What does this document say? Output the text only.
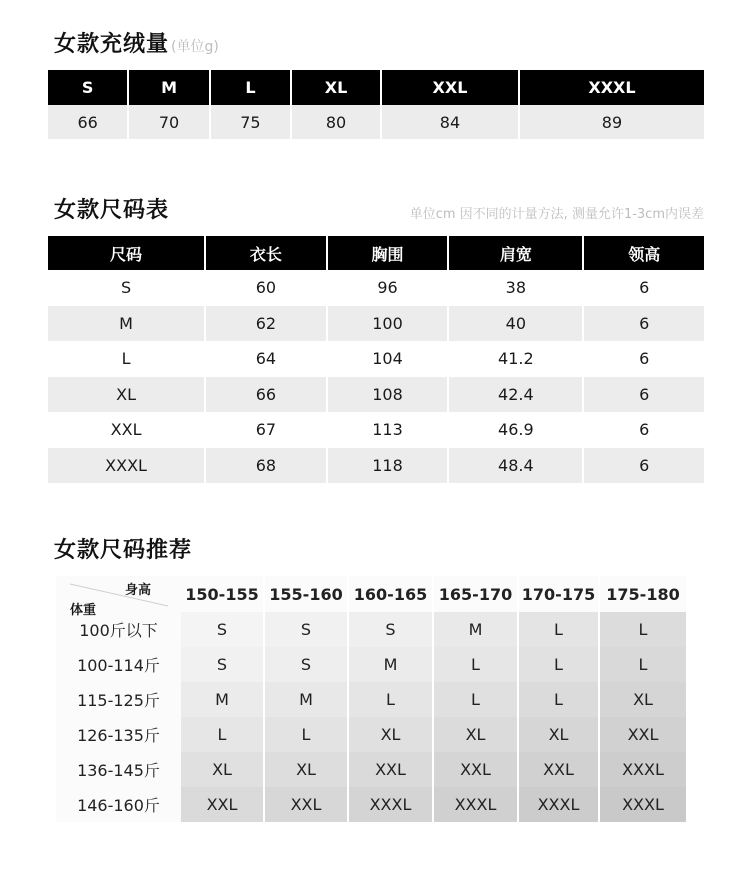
女款充绒量 (单位g)
S	M	L	XL	XXL	XXXL
66	70	75	80	84	89
女款尺码表	单位cm 因不同的计量方法, 测量允许1-3cm内误差
尺码	衣长	胸围	肩宽	领高
S	60	96	38	6
M	62	100	40	6
L	64	104	41.2	6
XL	66	108	42.4	6
XXL	67	113	46.9	6
XXXL	68	118	48.4	6
女款尺码推荐
身高
体重
150-155 155-160 160-165 165-170 170-175 175-180
100斤以下	S	S	S	M	L	L
100-114斤	S	S	M	L	L	L
115-125斤	M	M	L	L	L	XL
126-135斤	L	L	XL	XL	XL	XXL
136-145斤	XL	XL	XXL	XXL	XXL	XXXL
146-160斤	XXL	XXL	XXXL	XXXL	XXXL	XXXL
